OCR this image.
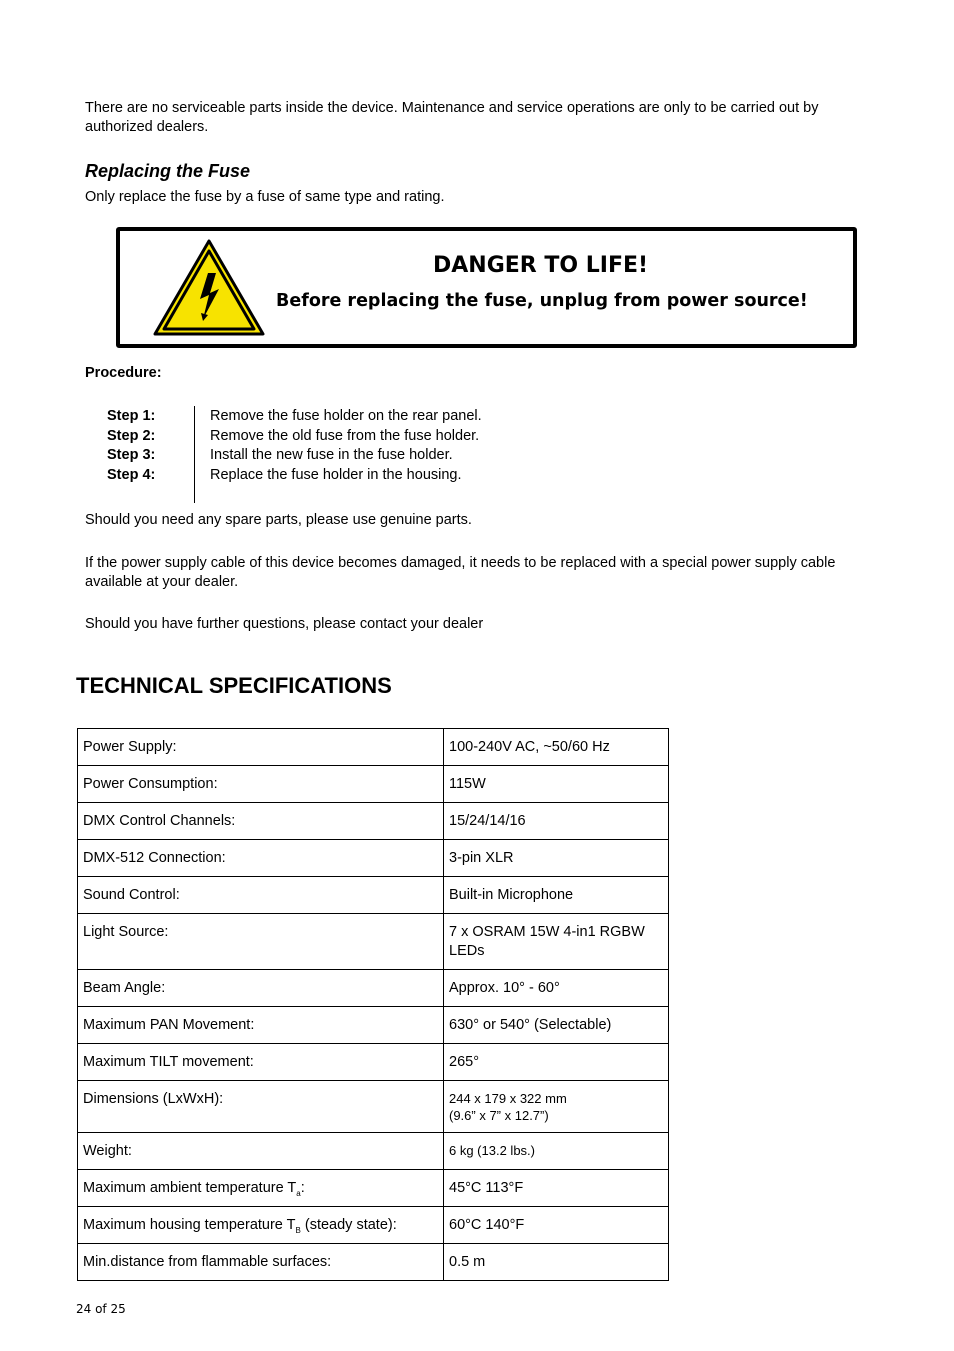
There are no serviceable parts inside the device. Maintenance and service operations are only to be carried out by authorized dealers.
Replacing the Fuse
Only replace the fuse by a fuse of same type and rating.
DANGER TO LIFE!
Before replacing the fuse, unplug from power source!
Procedure:
Step 1:	Remove the fuse holder on the rear panel.
Step 2:	Remove the old fuse from the fuse holder.
Step 3:	Install the new fuse in the fuse holder.
Step 4:	Replace the fuse holder in the housing.
Should you need any spare parts, please use genuine parts.
If the power supply cable of this device becomes damaged, it needs to be replaced with a special power supply cable available at your dealer.
Should you have further questions, please contact your dealer
TECHNICAL SPECIFICATIONS
Power Supply:	100-240V AC, ~50/60 Hz
Power Consumption:	115W
DMX Control Channels:	15/24/14/16
DMX-512 Connection:	3-pin XLR
Sound Control:	Built-in Microphone
Light Source:	7 x OSRAM 15W 4-in1 RGBW LEDs
Beam Angle:	Approx. 10° - 60°
Maximum PAN Movement:	630° or 540° (Selectable)
Maximum TILT movement:	265°
Dimensions (LxWxH):	244 x 179 x 322 mm
(9.6” x 7” x 12.7”)

Weight:	6 kg (13.2 lbs.)
Maximum ambient temperature $T_a$:	45°C 113°F
Maximum housing temperature $T_B$ (steady state):	60°C 140°F
Min.distance from flammable surfaces:	0.5 m
24 of 25
